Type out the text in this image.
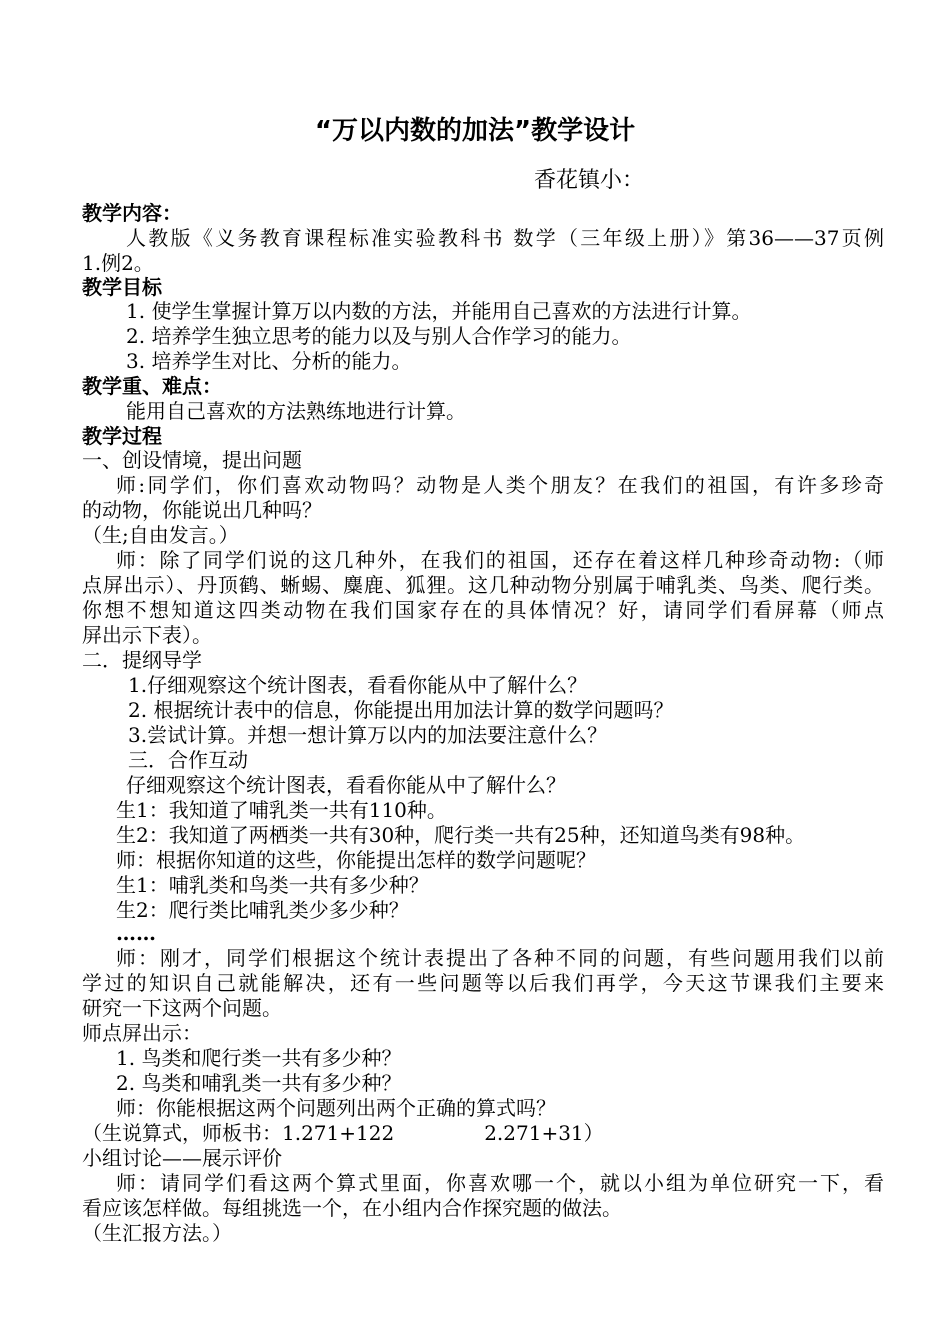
“万以内数的加法”教学设计

香花镇小：

教学内容：

人教版《义务教育课程标准实验教科书 数学（三年级上册）》第36——37页例

1.例2。

教学目标

1. 使学生掌握计算万以内数的方法，并能用自己喜欢的方法进行计算。

2. 培养学生独立思考的能力以及与别人合作学习的能力。

3. 培养学生对比、分析的能力。

教学重、难点：

能用自己喜欢的方法熟练地进行计算。

教学过程

一、创设情境，提出问题

师:同学们，你们喜欢动物吗？动物是人类个朋友？在我们的祖国，有许多珍奇

的动物，你能说出几种吗？

（生;自由发言。）

师：除了同学们说的这几种外，在我们的祖国，还存在着这样几种珍奇动物:（师

点屏出示）、丹顶鹤、蜥蜴、麋鹿、狐狸。这几种动物分别属于哺乳类、鸟类、爬行类。

你想不想知道这四类动物在我们国家存在的具体情况？好，请同学们看屏幕（师点

屏出示下表）。

二．提纲导学

1.仔细观察这个统计图表，看看你能从中了解什么？

2. 根据统计表中的信息，你能提出用加法计算的数学问题吗？

3.尝试计算。并想一想计算万以内的加法要注意什么？

三．合作互动

仔细观察这个统计图表，看看你能从中了解什么？

生1：我知道了哺乳类一共有110种。

生2：我知道了两栖类一共有30种，爬行类一共有25种，还知道鸟类有98种。

师：根据你知道的这些，你能提出怎样的数学问题呢？

生1：哺乳类和鸟类一共有多少种？

生2：爬行类比哺乳类少多少种？

……

师：刚才，同学们根据这个统计表提出了各种不同的问题，有些问题用我们以前

学过的知识自己就能解决，还有一些问题等以后我们再学，今天这节课我们主要来

研究一下这两个问题。

师点屏出示：

1. 鸟类和爬行类一共有多少种？

2. 鸟类和哺乳类一共有多少种？

师：你能根据这两个问题列出两个正确的算式吗？

（生说算式，师板书：1.271+122	2.271+31）

小组讨论——展示评价

师：请同学们看这两个算式里面，你喜欢哪一个，就以小组为单位研究一下，看

看应该怎样做。每组挑选一个，在小组内合作探究题的做法。

（生汇报方法。）
